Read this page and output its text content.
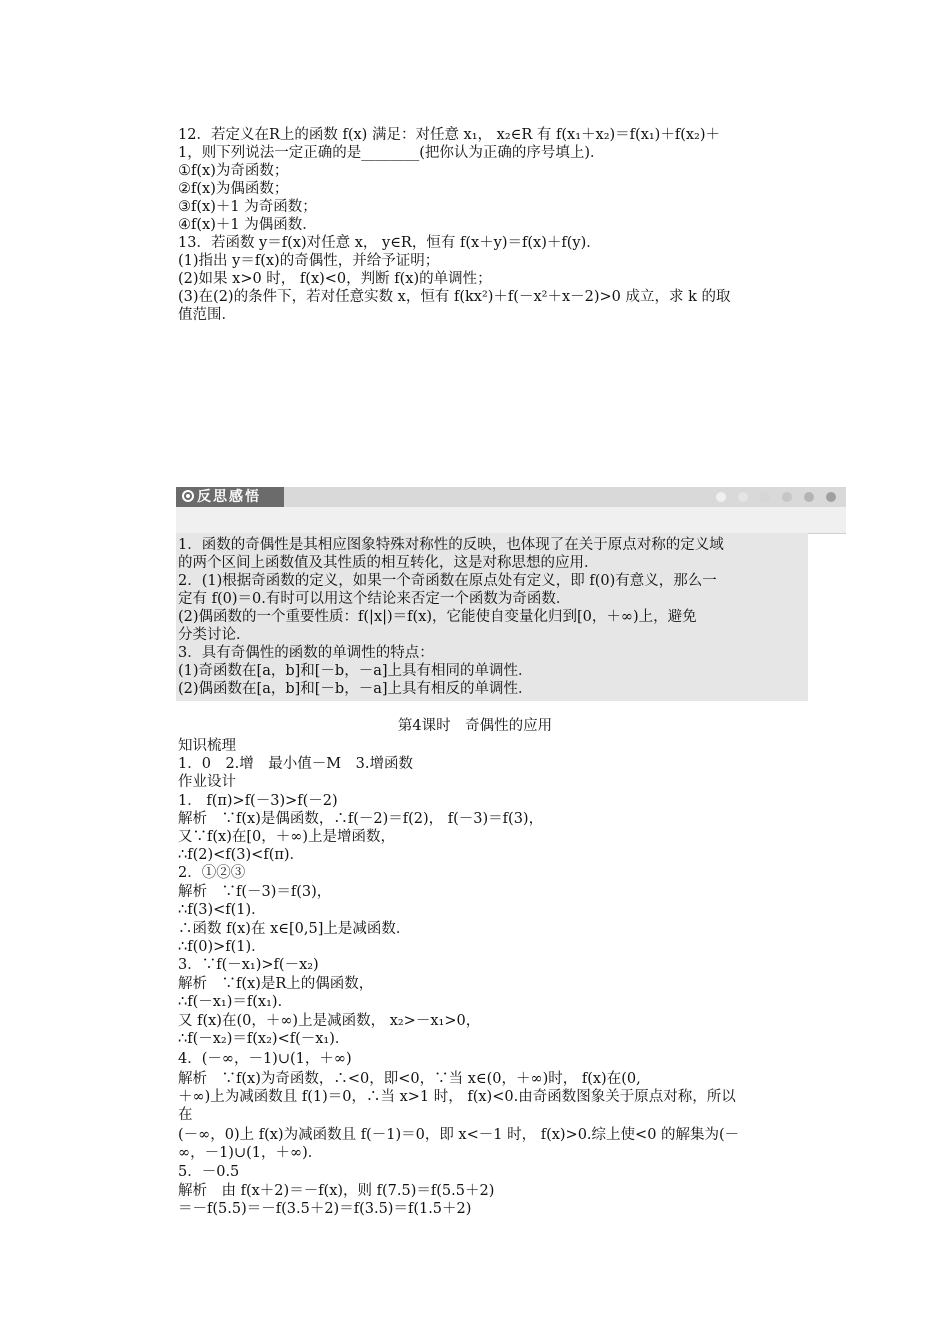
12．若定义在R上的函数 f(x) 满足：对任意 x₁， x₂∈R 有 f(x₁＋x₂)＝f(x₁)＋f(x₂)＋
1，则下列说法一定正确的是________(把你认为正确的序号填上)．
①f(x)为奇函数；
②f(x)为偶函数；
③f(x)＋1 为奇函数；
④f(x)＋1 为偶函数．
13．若函数 y＝f(x)对任意 x， y∈R，恒有 f(x＋y)＝f(x)＋f(y)．
(1)指出 y＝f(x)的奇偶性，并给予证明；
(2)如果 x>0 时， f(x)<0，判断 f(x)的单调性；
(3)在(2)的条件下，若对任意实数 x，恒有 f(kx²)＋f(－x²＋x－2)>0 成立，求 k 的取
值范围．
反思感悟
1．函数的奇偶性是其相应图象特殊对称性的反映，也体现了在关于原点对称的定义域
的两个区间上函数值及其性质的相互转化，这是对称思想的应用．
2．(1)根据奇函数的定义，如果一个奇函数在原点处有定义，即 f(0)有意义，那么一
定有 f(0)＝0.有时可以用这个结论来否定一个函数为奇函数．
(2)偶函数的一个重要性质：f(|x|)＝f(x)，它能使自变量化归到[0，＋∞)上，避免
分类讨论．
3．具有奇偶性的函数的单调性的特点：
(1)奇函数在[a，b]和[－b，－a]上具有相同的单调性．
(2)偶函数在[a，b]和[－b，－a]上具有相反的单调性．
第4课时　奇偶性的应用
知识梳理
1．0　2.增　最小值－M　3.增函数
作业设计
1． f(π)>f(－3)>f(－2)
解析　∵f(x)是偶函数，∴f(－2)＝f(2)， f(－3)＝f(3)，
又∵f(x)在[0，＋∞)上是增函数，
∴f(2)<f(3)<f(π)．
2．①②③
解析　∵f(－3)＝f(3)，
∴f(3)<f(1)．
∴函数 f(x)在 x∈[0,5]上是减函数．
∴f(0)>f(1)．
3．∵f(－x₁)>f(－x₂)
解析　∵f(x)是R上的偶函数，
∴f(－x₁)＝f(x₁)．
又 f(x)在(0，＋∞)上是减函数， x₂>－x₁>0，
∴f(－x₂)＝f(x₂)<f(－x₁)．
4．(－∞，－1)∪(1，＋∞)
解析　∵f(x)为奇函数，∴<0，即<0，∵当 x∈(0，＋∞)时， f(x)在(0,
＋∞)上为减函数且 f(1)＝0，∴当 x>1 时， f(x)<0.由奇函数图象关于原点对称，所以
在
(－∞，0)上 f(x)为减函数且 f(－1)＝0，即 x<－1 时， f(x)>0.综上使<0 的解集为(－
∞，－1)∪(1，＋∞)．
5．－0.5
解析　由 f(x＋2)＝－f(x)，则 f(7.5)＝f(5.5＋2)
＝－f(5.5)＝－f(3.5＋2)＝f(3.5)＝f(1.5＋2)
